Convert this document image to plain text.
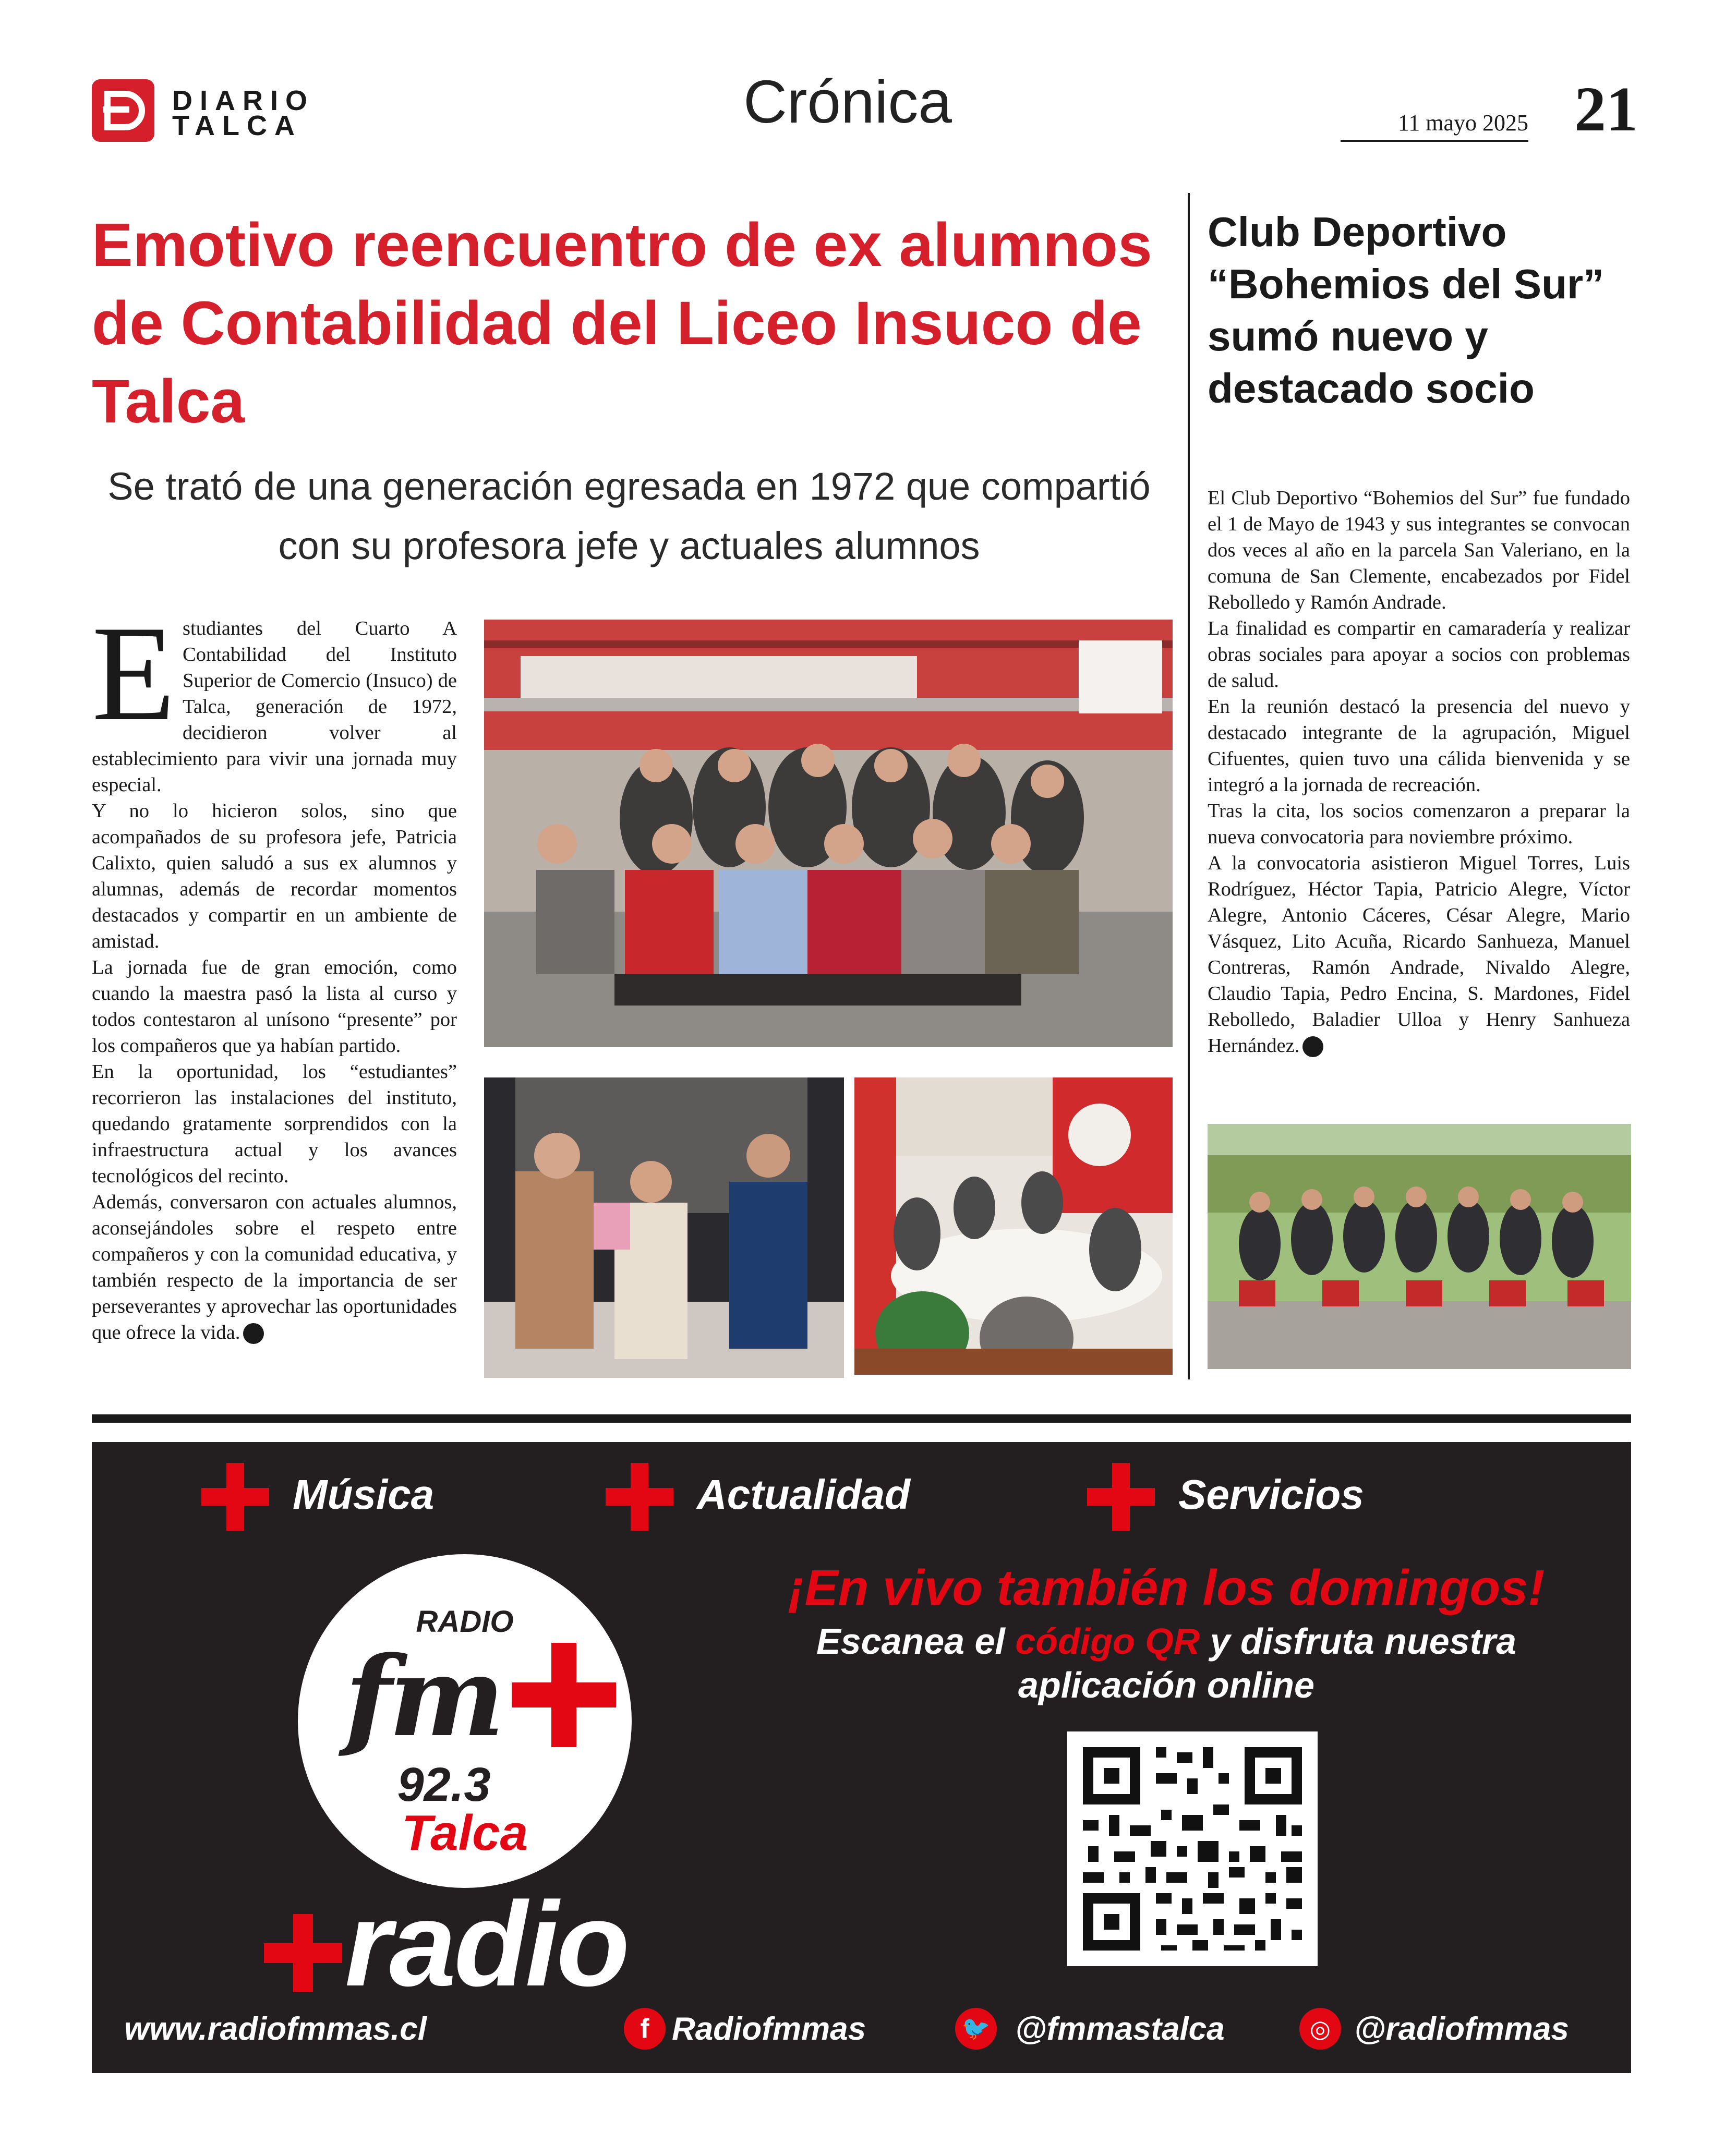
DIARIO
TALCA	Crónica	11 mayo 2025 21
Emotivo reencuentro de ex alumnos de Contabilidad del Liceo Insuco de Talca
Se trató de una generación egresada en 1972 que compartió con su profesora jefe y actuales alumnos
E studiantes del Cuarto A Contabilidad del Instituto Superior de Comercio (Insuco) de Talca, generación de 1972, decidieron volver al establecimiento para vivir una jornada muy especial.

Y no lo hicieron solos, sino que acompañados de su profesora jefe, Patricia Calixto, quien saludó a sus ex alumnos y alumnas, además de recordar momentos destacados y compartir en un ambiente de amistad.

La jornada fue de gran emoción, como cuando la maestra pasó la lista al curso y todos contestaron al unísono “presente” por los compañeros que ya habían partido.

En la oportunidad, los “estudiantes” recorrieron las instalaciones del instituto, quedando gratamente sorprendidos con la infraestructura actual y los avances tecnológicos del recinto.

Además, conversaron con actuales alumnos, aconsejándoles sobre el respeto entre compañeros y con la comunidad educativa, y también respecto de la importancia de ser perseverantes y aprovechar las oportunidades que ofrece la vida.

Club Deportivo “Bohemios del Sur” sumó nuevo y destacado socio

El Club Deportivo “Bohemios del Sur” fue fundado el 1 de Mayo de 1943 y sus integrantes se convocan dos veces al año en la parcela San Valeriano, en la comuna de San Clemente, encabezados por Fidel Rebolledo y Ramón Andrade.

La finalidad es compartir en camaradería y realizar obras sociales para apoyar a socios con problemas de salud.

En la reunión destacó la presencia del nuevo y destacado integrante de la agrupación, Miguel Cifuentes, quien tuvo una cálida bienvenida y se integró a la jornada de recreación.

Tras la cita, los socios comenzaron a preparar la nueva convocatoria para noviembre próximo.

A la convocatoria asistieron Miguel Torres, Luis Rodríguez, Héctor Tapia, Patricio Alegre, Víctor Alegre, Antonio Cáceres, César Alegre, Mario Vásquez, Lito Acuña, Ricardo Sanhueza, Manuel Contreras, Ramón Andrade, Nivaldo Alegre, Claudio Tapia, Pedro Encina, S. Mardones, Fidel Rebolledo, Baladier Ulloa y Henry Sanhueza Hernández.

Música	Actualidad	Servicios
¡En vivo también los domingos!
Escanea el código QR y disfruta nuestra aplicación online
RADIO
fm
92.3
Talca
radio
www.radiofmmas.cl	f Radiofmmas	🐦 @fmmastalca	◎ @radiofmmas
